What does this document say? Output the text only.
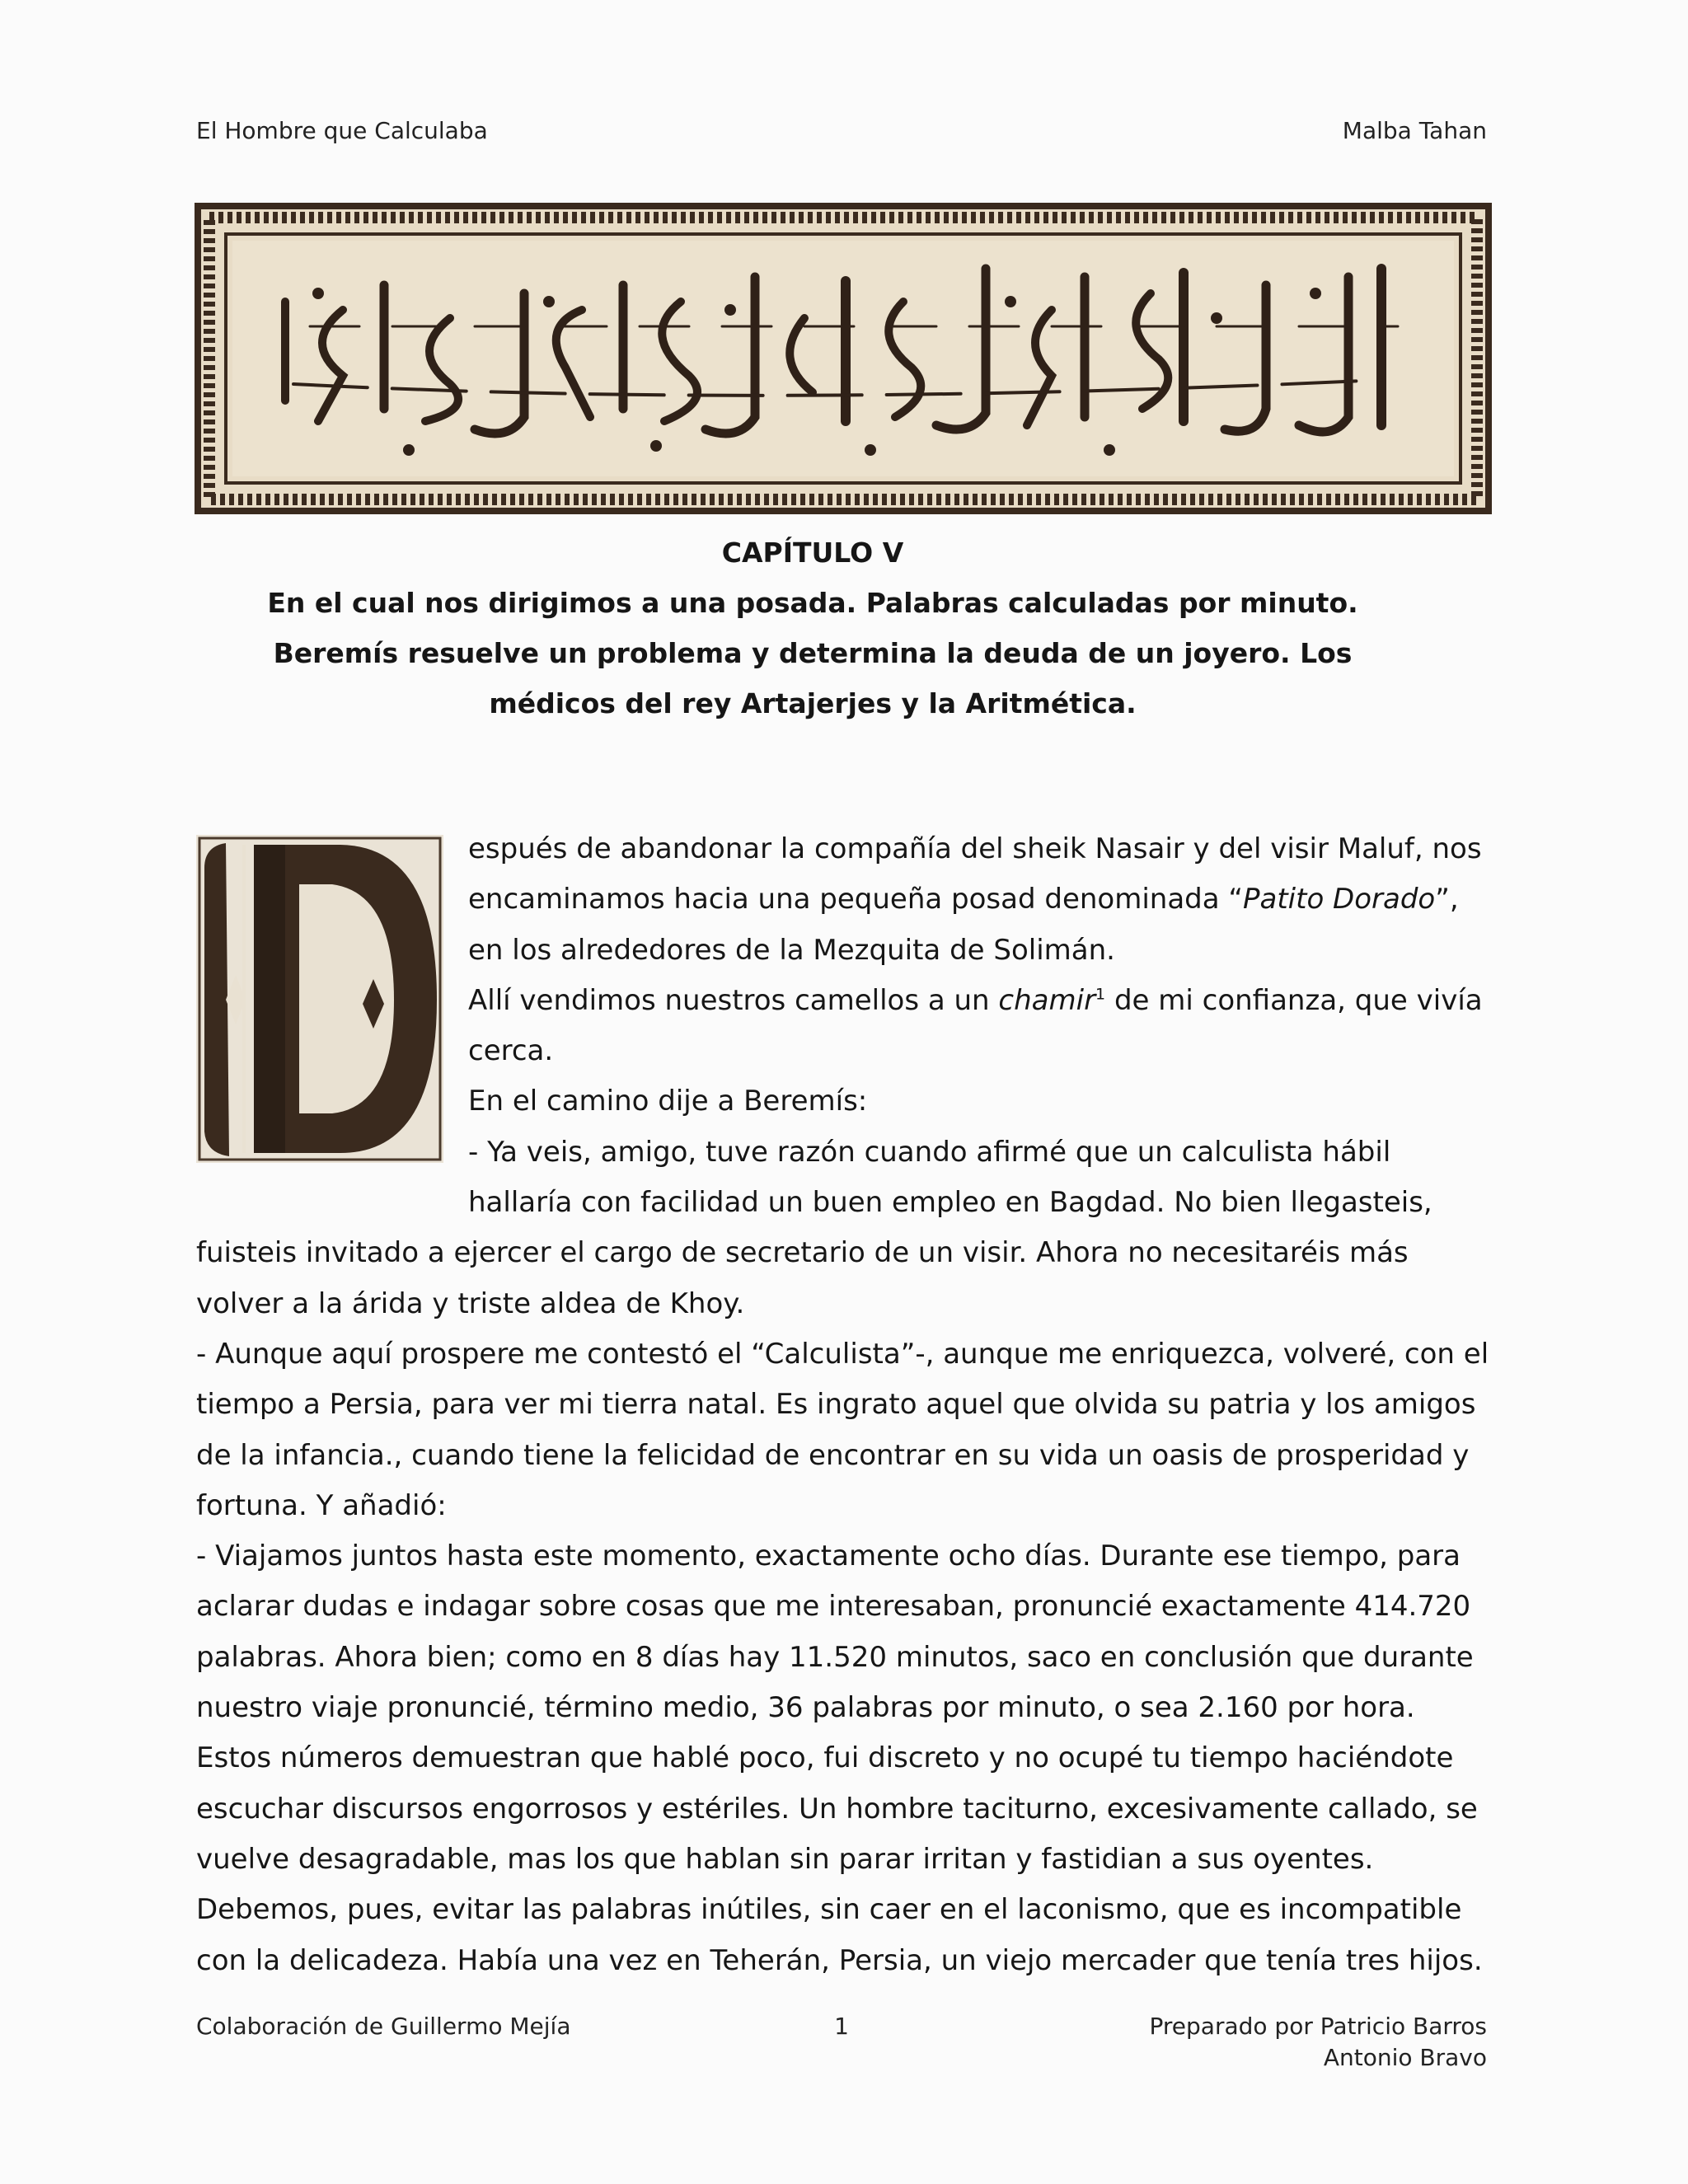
El Hombre que Calculaba	Malba Tahan
CAPÍTULO V
En el cual nos dirigimos a una posada. Palabras calculadas por minuto. Beremís resuelve un problema y determina la deuda de un joyero. Los médicos del rey Artajerjes y la Aritmética.

espués de abandonar la compañía del sheik Nasair y del visir Maluf, nos encaminamos hacia una pequeña posad denominada “Patito Dorado”, en los alrededores de la Mezquita de Solimán.

Allí vendimos nuestros camellos a un chamir$^1$ de mi confianza, que vivía cerca.

En el camino dije a Beremís:

- Ya veis, amigo, tuve razón cuando afirmé que un calculista hábil hallaría con facilidad un buen empleo en Bagdad. No bien llegasteis, fuisteis invitado a ejercer el cargo de secretario de un visir. Ahora no necesitaréis más volver a la árida y triste aldea de Khoy.

- Aunque aquí prospere me contestó el “Calculista”-, aunque me enriquezca, volveré, con el tiempo a Persia, para ver mi tierra natal. Es ingrato aquel que olvida su patria y los amigos de la infancia., cuando tiene la felicidad de encontrar en su vida un oasis de prosperidad y fortuna. Y añadió:

- Viajamos juntos hasta este momento, exactamente ocho días. Durante ese tiempo, para aclarar dudas e indagar sobre cosas que me interesaban, pronuncié exactamente 414.720 palabras. Ahora bien; como en 8 días hay 11.520 minutos, saco en conclusión que durante nuestro viaje pronuncié, término medio, 36 palabras por minuto, o sea 2.160 por hora. Estos números demuestran que hablé poco, fui discreto y no ocupé tu tiempo haciéndote escuchar discursos engorrosos y estériles. Un hombre taciturno, excesivamente callado, se vuelve desagradable, mas los que hablan sin parar irritan y fastidian a sus oyentes. Debemos, pues, evitar las palabras inútiles, sin caer en el laconismo, que es incompatible con la delicadeza. Había una vez en Teherán, Persia, un viejo mercader que tenía tres hijos.

Colaboración de Guillermo Mejía	1	Preparado por Patricio Barros
Antonio Bravo
